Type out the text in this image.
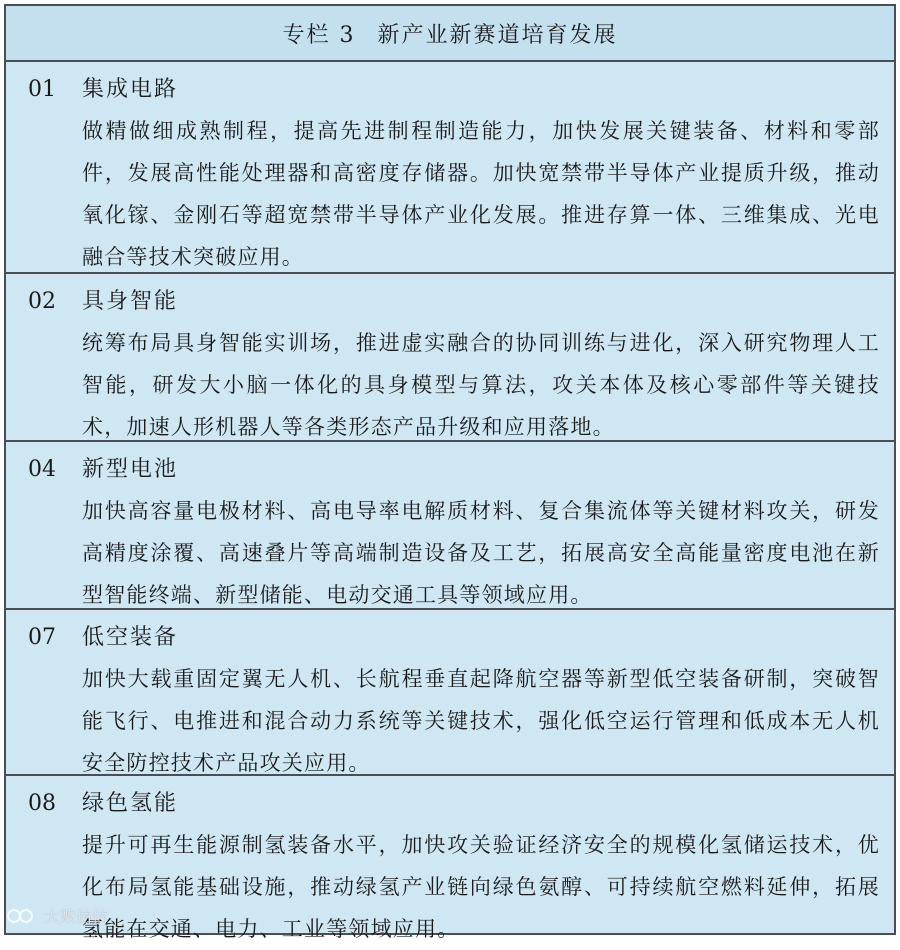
专栏 3 新产业新赛道培育发展
01	集成电路
做精做细成熟制程，提高先进制程制造能力，加快发展关键装备、材料和零部件，发展高性能处理器和高密度存储器。加快宽禁带半导体产业提质升级，推动氧化镓、金刚石等超宽禁带半导体产业化发展。推进存算一体、三维集成、光电融合等技术突破应用。
02	具身智能
统筹布局具身智能实训场，推进虚实融合的协同训练与进化，深入研究物理人工智能，研发大小脑一体化的具身模型与算法，攻关本体及核心零部件等关键技术，加速人形机器人等各类形态产品升级和应用落地。
04	新型电池
加快高容量电极材料、高电导率电解质材料、复合集流体等关键材料攻关，研发高精度涂覆、高速叠片等高端制造设备及工艺，拓展高安全高能量密度电池在新型智能终端、新型储能、电动交通工具等领域应用。
07	低空装备
加快大载重固定翼无人机、长航程垂直起降航空器等新型低空装备研制，突破智能飞行、电推进和混合动力系统等关键技术，强化低空运行管理和低成本无人机安全防控技术产品攻关应用。
08	绿色氢能
提升可再生能源制氢装备水平，加快攻关验证经济安全的规模化氢储运技术，优化布局氢能基础设施，推动绿氢产业链向绿色氨醇、可持续航空燃料延伸，拓展氢能在交通、电力、工业等领域应用。
大败信信
